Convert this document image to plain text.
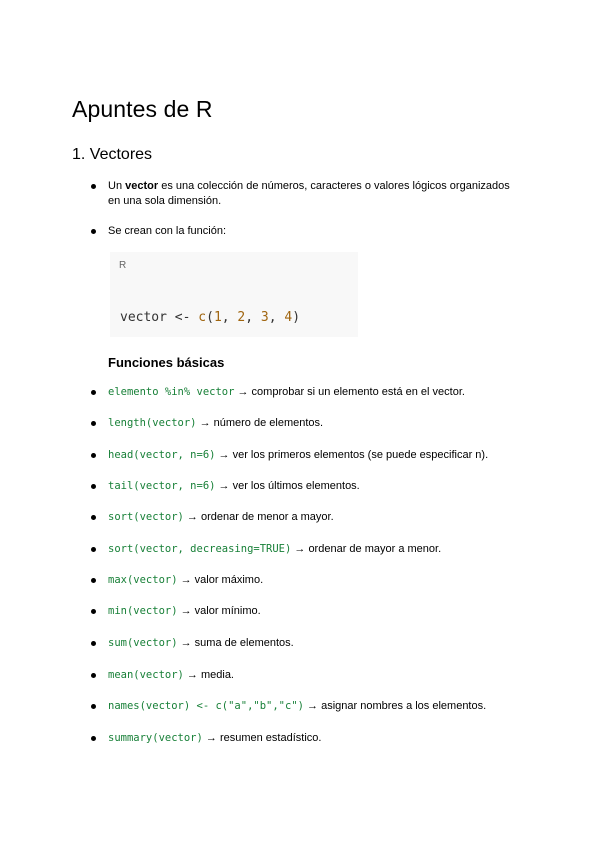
Apuntes de R
1. Vectores
Un vector es una colección de números, caracteres o valores lógicos organizados
en una sola dimensión.
Se crean con la función:
R
vector <- c(1, 2, 3, 4)
Funciones básicas
elemento %in% vector → comprobar si un elemento está en el vector.
length(vector) → número de elementos.
head(vector, n=6) → ver los primeros elementos (se puede especificar n).
tail(vector, n=6) → ver los últimos elementos.
sort(vector) → ordenar de menor a mayor.
sort(vector, decreasing=TRUE) → ordenar de mayor a menor.
max(vector) → valor máximo.
min(vector) → valor mínimo.
sum(vector) → suma de elementos.
mean(vector) → media.
names(vector) <- c("a","b","c") → asignar nombres a los elementos.
summary(vector) → resumen estadístico.
